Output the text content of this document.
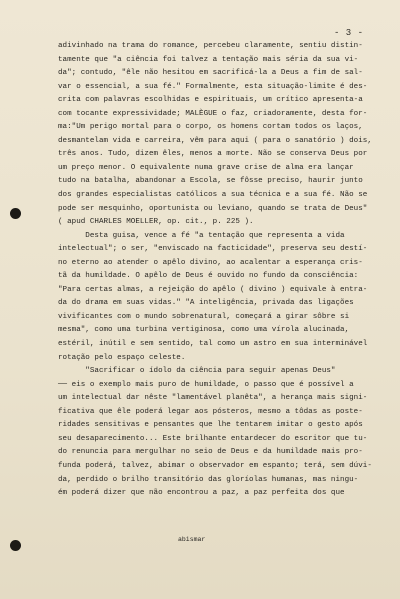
- 3 -
adivinhado na trama do romance, percebeu claramente, sentiu distin-
tamente que "a ciência foi talvez a tentação mais séria da sua vi-
da"; contudo, "êle não hesitou em sacrificá-la a Deus a fim de sal-
var o essencial, a sua fé." Formalmente, esta situação-limite é des-
crita com palavras escolhidas e espirituais, um crítico apresenta-a
com tocante expressividade; MALÈGUE o faz, criadoramente, desta for-
ma:"Um perigo mortal para o corpo, os homens cortam todos os laços,
desmantelam vida e carreira, vêm para aqui ( para o sanatório ) dois,
três anos. Tudo, dizem êles, menos a morte. Não se conserva Deus por
um preço menor. O equivalente numa grave crise de alma era lançar
tudo na batalha, abandonar a Escola, se fôsse preciso, haurir junto
dos grandes especialistas católicos a sua técnica e a sua fé. Não se
pode ser mesquinho, oportunista ou leviano, quando se trata de Deus"
( apud CHARLES MOELLER, op. cit., p. 225 ).
Desta guisa, vence a fé "a tentação que representa a vida
intelectual"; o ser, "enviscado na facticidade", preserva seu destí-
no eterno ao atender o apêlo divino, ao acalentar a esperança cris-
tã da humildade. O apêlo de Deus é ouvido no fundo da consciência:
"Para certas almas, a rejeição do apêlo ( divino ) equivale à entra-
da do drama em suas vidas." "A inteligência, privada das ligações
vivificantes com o mundo sobrenatural, começará a girar sôbre si
mesma", como uma turbina vertiginosa, como uma vírola alucinada,
estéril, inútil e sem sentido, tal como um astro em sua interminável
rotação pelo espaço celeste.
"Sacrificar o ídolo da ciência para seguir apenas Deus"
── eis o exemplo mais puro de humildade, o passo que é possível a
um intelectual dar nêste "lamentável planêta", a herança mais signi-
ficativa que êle poderá legar aos pósteros, mesmo a tôdas as poste-
ridades sensitivas e pensantes que lhe tentarem imitar o gesto após
seu desaparecimento... Este brilhante entardecer do escritor que tu-
do renuncia para mergulhar no seio de Deus e da humildade mais pro-
funda poderá, talvez, abimar o observador em espanto; terá, sem dúvi-
da, perdido o brilho transitório das gloríolas humanas, mas ningu-
ém poderá dizer que não encontrou a paz, a paz perfeita dos que
abismar
